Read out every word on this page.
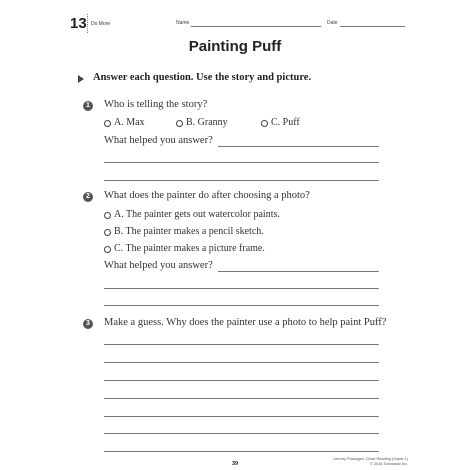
13 Do More	Name	Date
Painting Puff
Answer each question. Use the story and picture.
1 Who is telling the story?
A. Max	B. Granny	C. Puff
What helped you answer?
2 What does the painter do after choosing a photo?
A. The painter gets out watercolor paints.
B. The painter makes a pencil sketch.
C. The painter makes a picture frame.
What helped you answer?
3 Make a guess. Why does the painter use a photo to help paint Puff?
39
Literary Passages: Close Reading (Grade 1)
© 2016 Scholastic Inc.
